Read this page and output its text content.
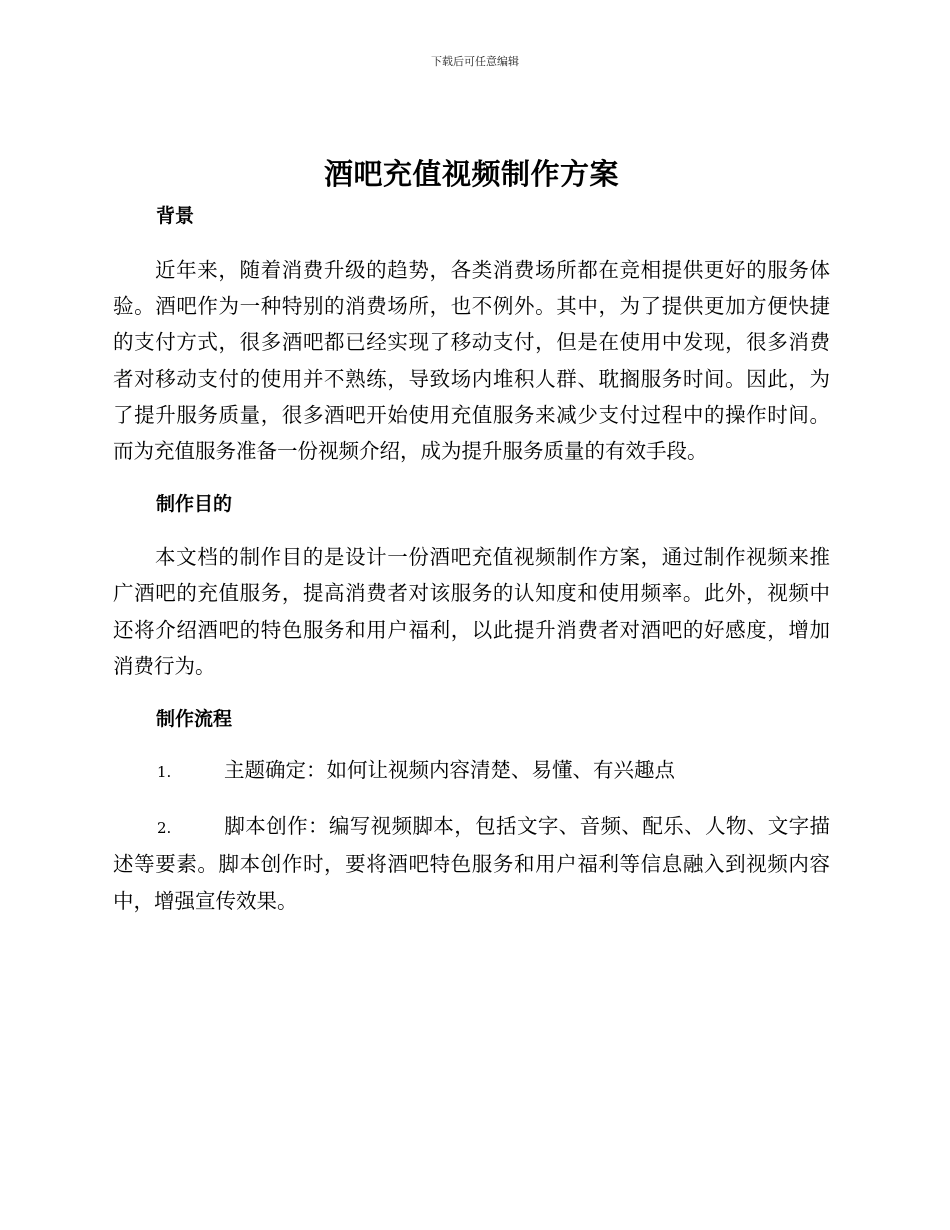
下载后可任意编辑
酒吧充值视频制作方案
背景

近年来，随着消费升级的趋势，各类消费场所都在竞相提供更好的服务体验。酒吧作为一种特别的消费场所，也不例外。其中，为了提供更加方便快捷的支付方式，很多酒吧都已经实现了移动支付，但是在使用中发现，很多消费者对移动支付的使用并不熟练，导致场内堆积人群、耽搁服务时间。因此，为了提升服务质量，很多酒吧开始使用充值服务来减少支付过程中的操作时间。而为充值服务准备一份视频介绍，成为提升服务质量的有效手段。

制作目的

本文档的制作目的是设计一份酒吧充值视频制作方案，通过制作视频来推广酒吧的充值服务，提高消费者对该服务的认知度和使用频率。此外，视频中还将介绍酒吧的特色服务和用户福利，以此提升消费者对酒吧的好感度，增加消费行为。

制作流程

1.	主题确定：如何让视频内容清楚、易懂、有兴趣点

2.	脚本创作：编写视频脚本，包括文字、音频、配乐、人物、文字描述等要素。脚本创作时，要将酒吧特色服务和用户福利等信息融入到视频内容中，增强宣传效果。
